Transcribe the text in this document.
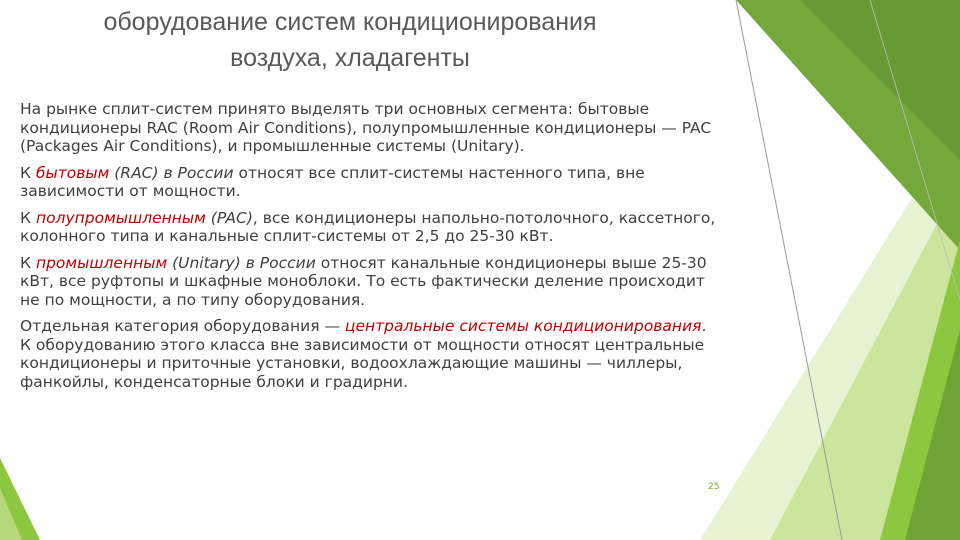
оборудование систем кондиционирования воздуха, хладагенты

На рынке сплит-систем принято выделять три основных сегмента: бытовые кондиционеры RAC (Room Air Conditions), полупромышленные кондиционеры — PAC (Packages Air Conditions), и промышленные системы (Unitary).

К бытовым (RAC) в России относят все сплит-системы настенного типа, вне зависимости от мощности.

К полупромышленным (PAC), все кондиционеры напольно-потолочного, кассетного, колонного типа и канальные сплит-системы от 2,5 до 25-30 кВт.

К промышленным (Unitary) в России относят канальные кондиционеры выше 25-30 кВт, все руфтопы и шкафные моноблоки. То есть фактически деление происходит не по мощности, а по типу оборудования.

Отдельная категория оборудования — центральные системы кондиционирования. К оборудованию этого класса вне зависимости от мощности относят центральные кондиционеры и приточные установки, водоохлаждающие машины — чиллеры, фанкойлы, конденсаторные блоки и градирни.

25
